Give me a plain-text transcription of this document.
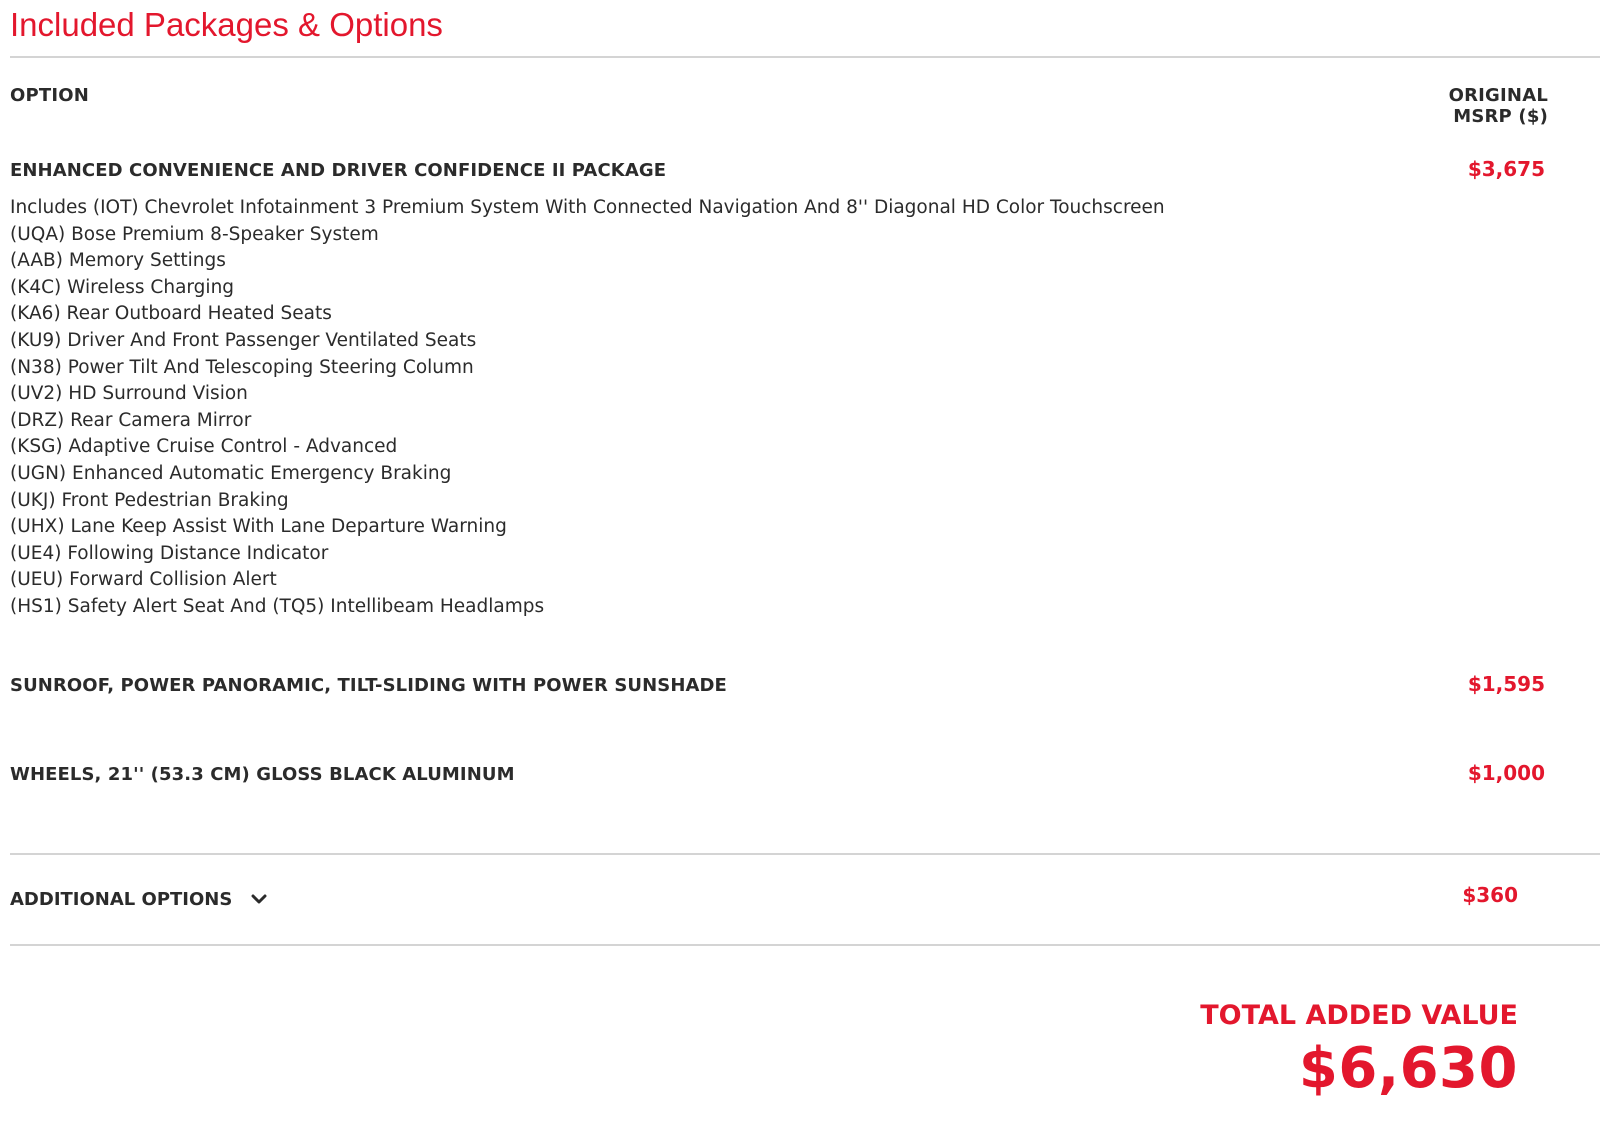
Included Packages & Options
OPTION	ORIGINAL
MSRP ($)
ENHANCED CONVENIENCE AND DRIVER CONFIDENCE II PACKAGE	$3,675
Includes (IOT) Chevrolet Infotainment 3 Premium System With Connected Navigation And 8'' Diagonal HD Color Touchscreen
(UQA) Bose Premium 8-Speaker System
(AAB) Memory Settings
(K4C) Wireless Charging
(KA6) Rear Outboard Heated Seats
(KU9) Driver And Front Passenger Ventilated Seats
(N38) Power Tilt And Telescoping Steering Column
(UV2) HD Surround Vision
(DRZ) Rear Camera Mirror
(KSG) Adaptive Cruise Control - Advanced
(UGN) Enhanced Automatic Emergency Braking
(UKJ) Front Pedestrian Braking
(UHX) Lane Keep Assist With Lane Departure Warning
(UE4) Following Distance Indicator
(UEU) Forward Collision Alert
(HS1) Safety Alert Seat And (TQ5) Intellibeam Headlamps
SUNROOF, POWER PANORAMIC, TILT-SLIDING WITH POWER SUNSHADE	$1,595
WHEELS, 21'' (53.3 CM) GLOSS BLACK ALUMINUM	$1,000
ADDITIONAL OPTIONS	$360
TOTAL ADDED VALUE
$6,630
